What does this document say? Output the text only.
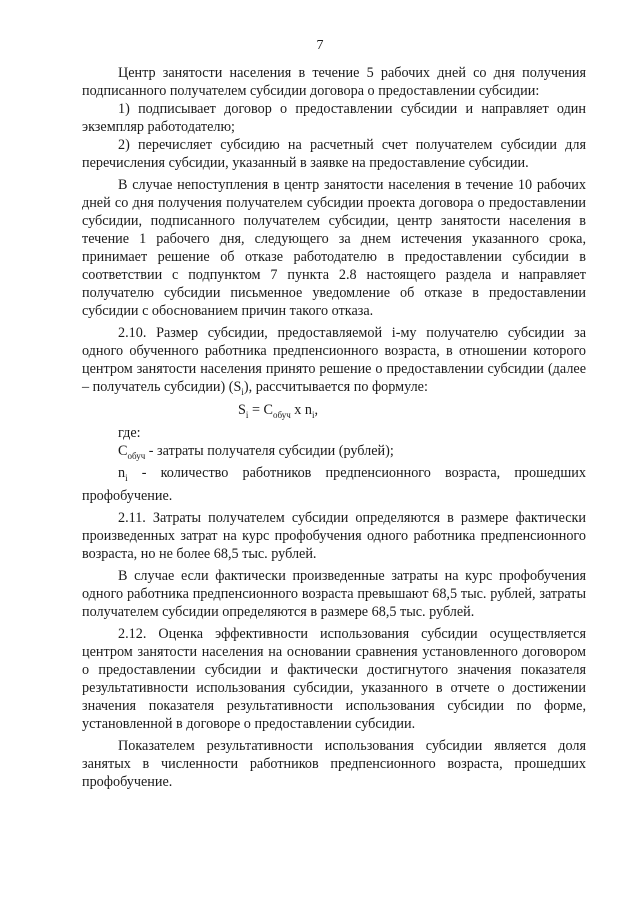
7

Центр занятости населения в течение 5 рабочих дней со дня получения подписанного получателем субсидии договора о предоставлении субсидии:

1) подписывает договор о предоставлении субсидии и направляет один экземпляр работодателю;

2) перечисляет субсидию на расчетный счет получателем субсидии для перечисления субсидии, указанный в заявке на предоставление субсидии.

В случае непоступления в центр занятости населения в течение 10 рабочих дней со дня получения получателем субсидии проекта договора о предоставлении субсидии, подписанного получателем субсидии, центр занятости населения в течение 1 рабочего дня, следующего за днем истечения указанного срока, принимает решение об отказе работодателю в предоставлении субсидии в соответствии с подпунктом 7 пункта 2.8 настоящего раздела и направляет получателю субсидии письменное уведомление об отказе в предоставлении субсидии с обоснованием причин такого отказа.

2.10. Размер субсидии, предоставляемой i-му получателю субсидии за одного обученного работника предпенсионного возраста, в отношении которого центром занятости населения принято решение о предоставлении субсидии (далее – получатель субсидии) $(S_i)$, рассчитывается по формуле:

$S_i = C_{обуч}$ х $n_i$,

где:

$C_{обуч}$ - затраты получателя субсидии (рублей);

$n_i$ - количество работников предпенсионного возраста, прошедших профобучение.

2.11. Затраты получателем субсидии определяются в размере фактически произведенных затрат на курс профобучения одного работника предпенсионного возраста, но не более 68,5 тыс. рублей.

В случае если фактически произведенные затраты на курс профобучения одного работника предпенсионного возраста превышают 68,5 тыс. рублей, затраты получателем субсидии определяются в размере 68,5 тыс. рублей.

2.12. Оценка эффективности использования субсидии осуществляется центром занятости населения на основании сравнения установленного договором о предоставлении субсидии и фактически достигнутого значения показателя результативности использования субсидии, указанного в отчете о достижении значения показателя результативности использования субсидии по форме, установленной в договоре о предоставлении субсидии.

Показателем результативности использования субсидии является доля занятых в численности работников предпенсионного возраста, прошедших профобучение.
